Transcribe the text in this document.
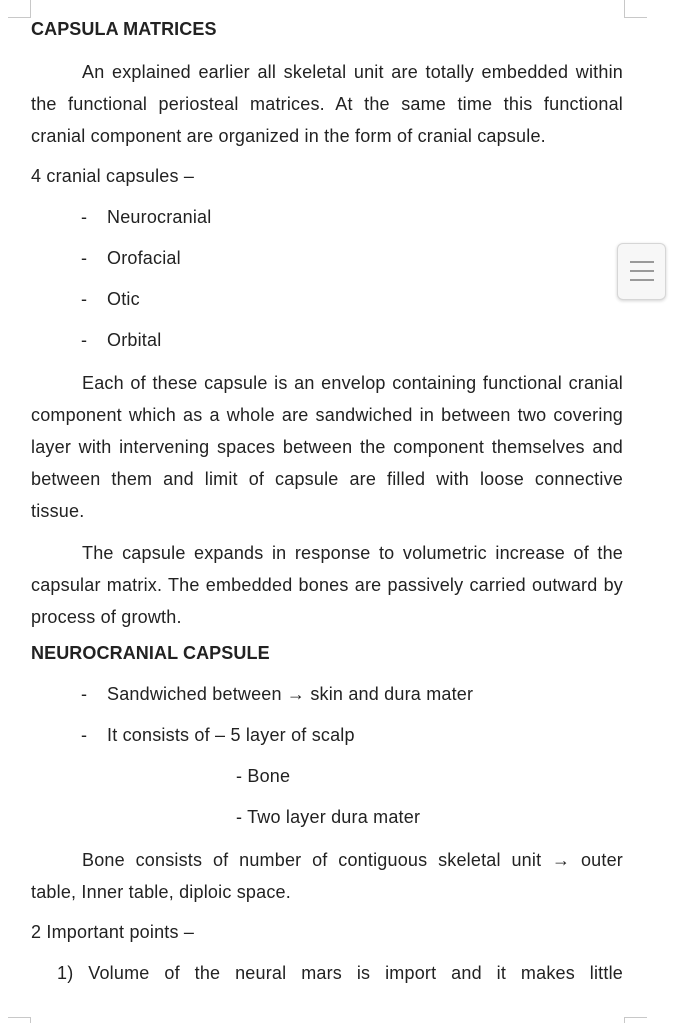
CAPSULA MATRICES

An explained earlier all skeletal unit are totally embedded within the functional periosteal matrices. At the same time this functional cranial component are organized in the form of cranial capsule.

4 cranial capsules –
- Neurocranial
- Orofacial
- Otic
- Orbital

Each of these capsule is an envelop containing functional cranial component which as a whole are sandwiched in between two covering layer with intervening spaces between the component themselves and between them and limit of capsule are filled with loose connective tissue.

The capsule expands in response to volumetric increase of the capsular matrix. The embedded bones are passively carried outward by process of growth.

NEUROCRANIAL CAPSULE
- Sandwiched between → skin and dura mater
- It consists of – 5 layer of scalp
- Bone
- Two layer dura mater

Bone consists of number of contiguous skeletal unit → outer table, Inner table, diploic space.

2 Important points –
1) Volume of the neural mars is import and it makes little
